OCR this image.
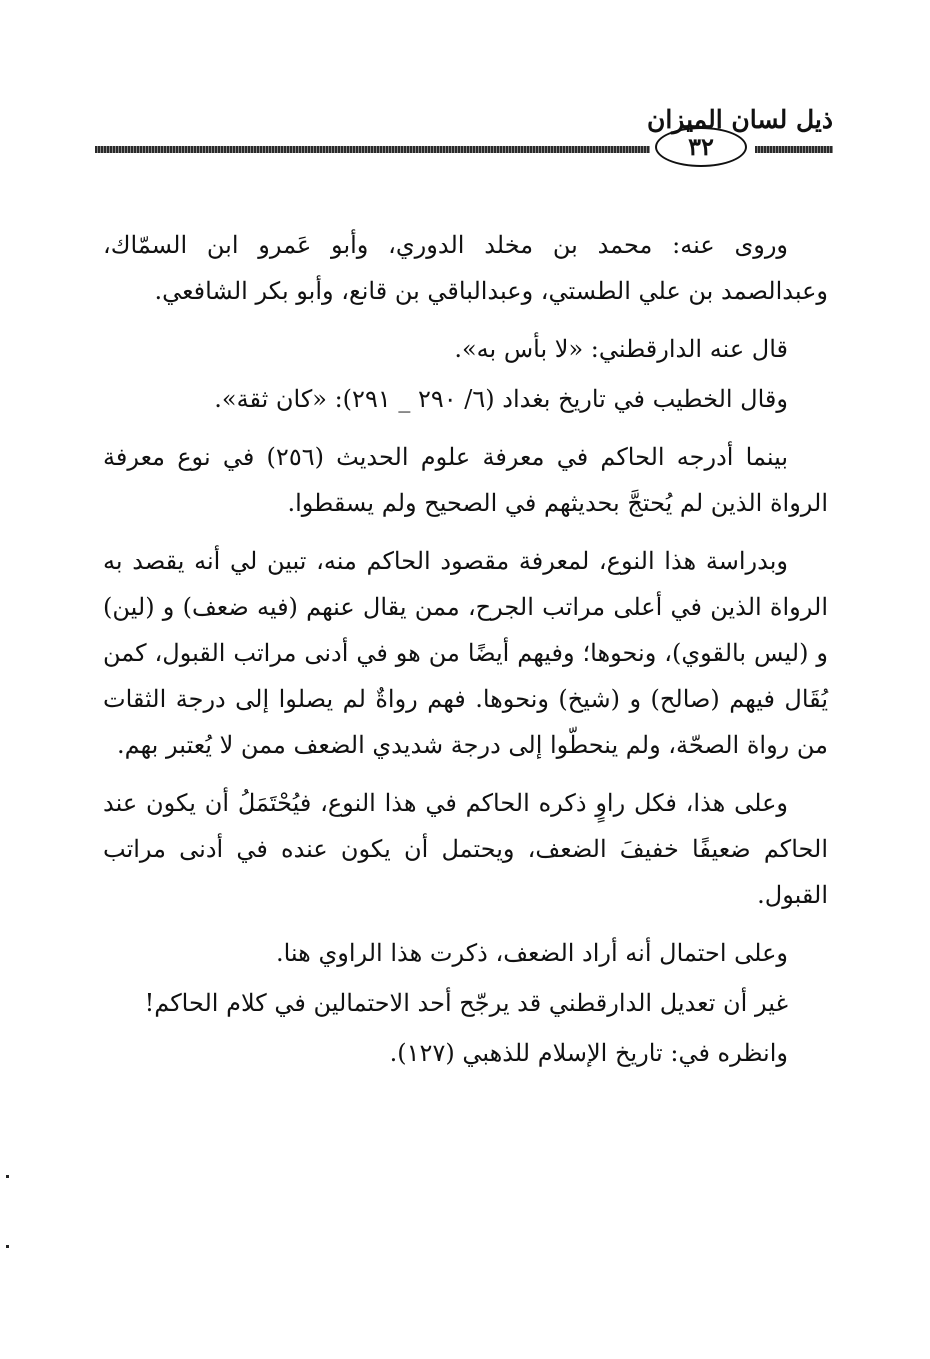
ذيل لسان الميزان
٣٢

وروى عنه: محمد بن مخلد الدوري، وأبو عَمرو ابن السمّاك، وعبدالصمد بن علي الطستي، وعبدالباقي بن قانع، وأبو بكر الشافعي.

قال عنه الدارقطني: «لا بأس به».

وقال الخطيب في تاريخ بغداد (٦/ ٢٩٠ _ ٢٩١): «كان ثقة».

بينما أدرجه الحاكم في معرفة علوم الحديث (٢٥٦) في نوع معرفة الرواة الذين لم يُحتجَّ بحديثهم في الصحيح ولم يسقطوا.

وبدراسة هذا النوع، لمعرفة مقصود الحاكم منه، تبين لي أنه يقصد به الرواة الذين في أعلى مراتب الجرح، ممن يقال عنهم (فيه ضعف) و (لين) و (ليس بالقوي)، ونحوها؛ وفيهم أيضًا من هو في أدنى مراتب القبول، كمن يُقَال فيهم (صالح) و (شيخ) ونحوها. فهم رواةٌ لم يصلوا إلى درجة الثقات من رواة الصحّة، ولم ينحطّوا إلى درجة شديدي الضعف ممن لا يُعتبر بهم.

وعلى هذا، فكل راوٍ ذكره الحاكم في هذا النوع، فيُحْتَمَلُ أن يكون عند الحاكم ضعيفًا خفيفَ الضعف، ويحتمل أن يكون عنده في أدنى مراتب القبول.

وعلى احتمال أنه أراد الضعف، ذكرت هذا الراوي هنا.

غير أن تعديل الدارقطني قد يرجّح أحد الاحتمالين في كلام الحاكم!

وانظره في: تاريخ الإسلام للذهبي (١٢٧).
